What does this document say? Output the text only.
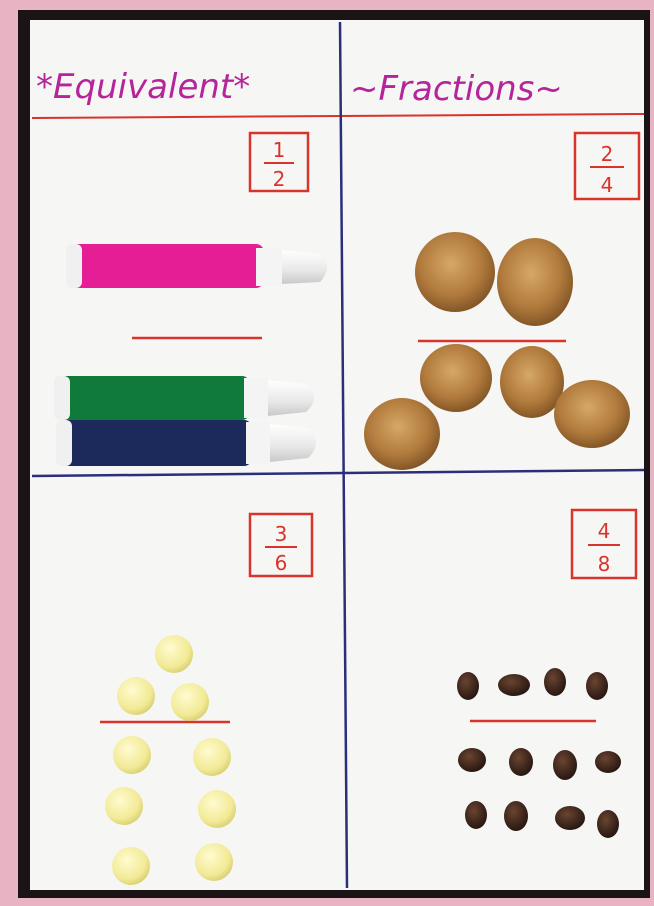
*Equivalent*	~Fractions~
1
2
2
4
3
6
4
8
